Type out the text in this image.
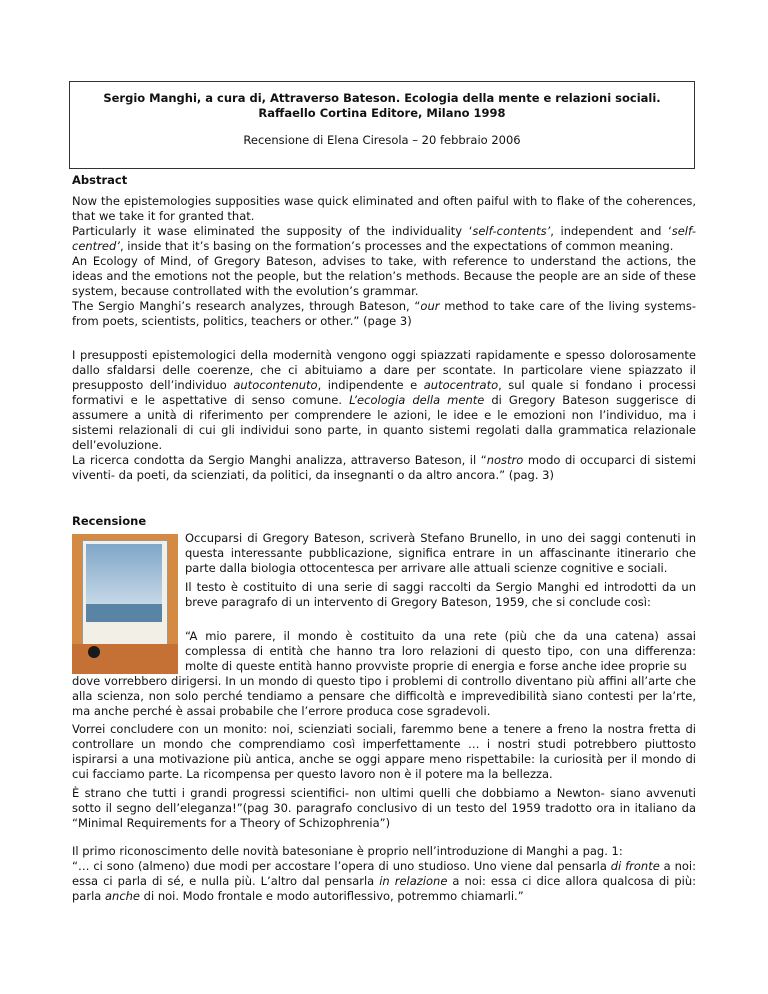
Sergio Manghi, a cura di, Attraverso Bateson. Ecologia della mente e relazioni sociali.
Raffaello Cortina Editore, Milano 1998
Recensione di Elena Ciresola – 20 febbraio 2006
Abstract

Now the epistemologies supposities wase quick eliminated and often paiful with to flake of the coherences, that we take it for granted that.

Particularly it wase eliminated the supposity of the individuality ‘self-contents’, independent and ‘self-centred’, inside that it’s basing on the formation’s processes and the expectations of common meaning.

An Ecology of Mind, of Gregory Bateson, advises to take, with reference to understand the actions, the ideas and the emotions not the people, but the relation’s methods. Because the people are an side of these system, because controllated with the evolution’s grammar.

The Sergio Manghi’s research analyzes, through Bateson, “our method to take care of the living systems-from poets, scientists, politics, teachers or other.” (page 3)

I presupposti epistemologici della modernità vengono oggi spiazzati rapidamente e spesso dolorosamente dallo sfaldarsi delle coerenze, che ci abituiamo a dare per scontate. In particolare viene spiazzato il presupposto dell’individuo autocontenuto, indipendente e autocentrato, sul quale si fondano i processi formativi e le aspettative di senso comune. L’ecologia della mente di Gregory Bateson suggerisce di assumere a unità di riferimento per comprendere le azioni, le idee e le emozioni non l’individuo, ma i sistemi relazionali di cui gli individui sono parte, in quanto sistemi regolati dalla grammatica relazionale dell’evoluzione.

La ricerca condotta da Sergio Manghi analizza, attraverso Bateson, il “nostro modo di occuparci di sistemi viventi- da poeti, da scienziati, da politici, da insegnanti o da altro ancora.” (pag. 3)

Recensione

Occuparsi di Gregory Bateson, scriverà Stefano Brunello, in uno dei saggi contenuti in questa interessante pubblicazione, significa entrare in un affascinante itinerario che parte dalla biologia ottocentesca per arrivare alle attuali scienze cognitive e sociali.

Il testo è costituito di una serie di saggi raccolti da Sergio Manghi ed introdotti da un breve paragrafo di un intervento di Gregory Bateson, 1959, che si conclude così:

“A mio parere, il mondo è costituito da una rete (più che da una catena) assai complessa di entità che hanno tra loro relazioni di questo tipo, con una differenza: molte di queste entità hanno provviste proprie di energia e forse anche idee proprie su

dove vorrebbero dirigersi. In un mondo di questo tipo i problemi di controllo diventano più affini all’arte che alla scienza, non solo perché tendiamo a pensare che difficoltà e imprevedibilità siano contesti per la’rte, ma anche perché è assai probabile che l’errore produca cose sgradevoli.

Vorrei concludere con un monito: noi, scienziati sociali, faremmo bene a tenere a freno la nostra fretta di controllare un mondo che comprendiamo così imperfettamente … i nostri studi potrebbero piuttosto ispirarsi a una motivazione più antica, anche se oggi appare meno rispettabile: la curiosità per il mondo di cui facciamo parte. La ricompensa per questo lavoro non è il potere ma la bellezza.

È strano che tutti i grandi progressi scientifici- non ultimi quelli che dobbiamo a Newton- siano avvenuti sotto il segno dell’eleganza!”(pag 30. paragrafo conclusivo di un testo del 1959 tradotto ora in italiano da “Minimal Requirements for a Theory of Schizophrenia”)

Il primo riconoscimento delle novità batesoniane è proprio nell’introduzione di Manghi a pag. 1:

“… ci sono (almeno) due modi per accostare l’opera di uno studioso. Uno viene dal pensarla di fronte a noi: essa ci parla di sé, e nulla più. L’altro dal pensarla in relazione a noi: essa ci dice allora qualcosa di più: parla anche di noi. Modo frontale e modo autoriflessivo, potremmo chiamarli.”
